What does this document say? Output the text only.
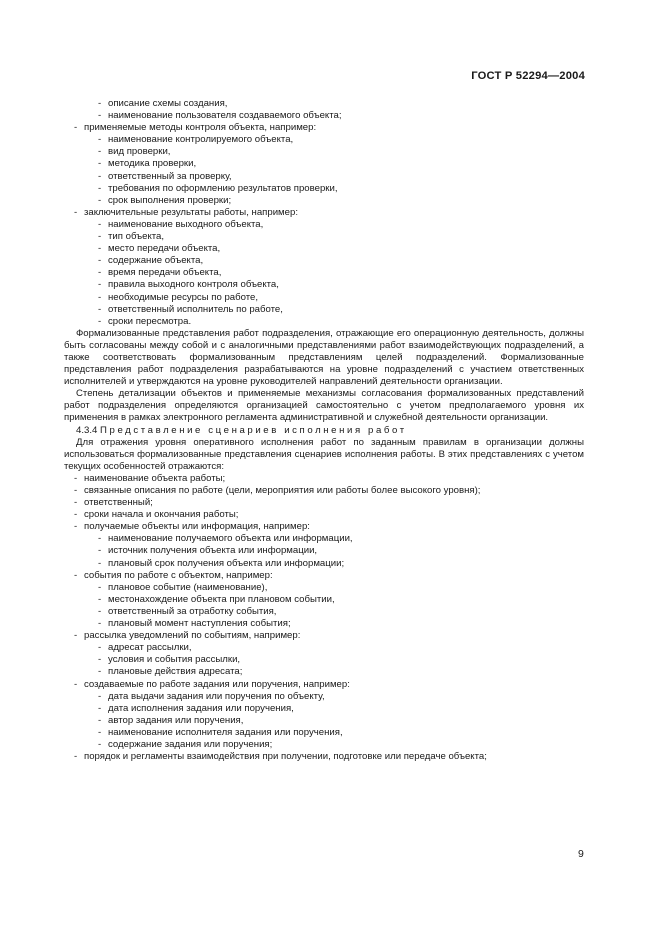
ГОСТ Р 52294—2004
- описание схемы создания,
- наименование пользователя создаваемого объекта;
- применяемые методы контроля объекта, например:
- наименование контролируемого объекта,
- вид проверки,
- методика проверки,
- ответственный за проверку,
- требования по оформлению результатов проверки,
- срок выполнения проверки;
- заключительные результаты работы, например:
- наименование выходного объекта,
- тип объекта,
- место передачи объекта,
- содержание объекта,
- время передачи объекта,
- правила выходного контроля объекта,
- необходимые ресурсы по работе,
- ответственный исполнитель по работе,
- сроки пересмотра.
Формализованные представления работ подразделения, отражающие его операционную деятельность, должны быть согласованы между собой и с аналогичными представлениями работ взаимодействующих подразделений, а также соответствовать формализованным представлениям целей подразделений. Формализованные представления работ подразделения разрабатываются на уровне подразделений с участием ответственных исполнителей и утверждаются на уровне руководителей направлений деятельности организации.
Степень детализации объектов и применяемые механизмы согласования формализованных представлений работ подразделения определяются организацией самостоятельно с учетом предполагаемого уровня их применения в рамках электронного регламента административной и служебной деятельности организации.
4.3.4 Представление сценариев исполнения работ
Для отражения уровня оперативного исполнения работ по заданным правилам в организации должны использоваться формализованные представления сценариев исполнения работы. В этих представлениях с учетом текущих особенностей отражаются:
- наименование объекта работы;
- связанные описания по работе (цели, мероприятия или работы более высокого уровня);
- ответственный;
- сроки начала и окончания работы;
- получаемые объекты или информация, например:
- наименование получаемого объекта или информации,
- источник получения объекта или информации,
- плановый срок получения объекта или информации;
- события по работе с объектом, например:
- плановое событие (наименование),
- местонахождение объекта при плановом событии,
- ответственный за отработку события,
- плановый момент наступления события;
- рассылка уведомлений по событиям, например:
- адресат рассылки,
- условия и события рассылки,
- плановые действия адресата;
- создаваемые по работе задания или поручения, например:
- дата выдачи задания или поручения по объекту,
- дата исполнения задания или поручения,
- автор задания или поручения,
- наименование исполнителя задания или поручения,
- содержание задания или поручения;
- порядок и регламенты взаимодействия при получении, подготовке или передаче объекта;
9
